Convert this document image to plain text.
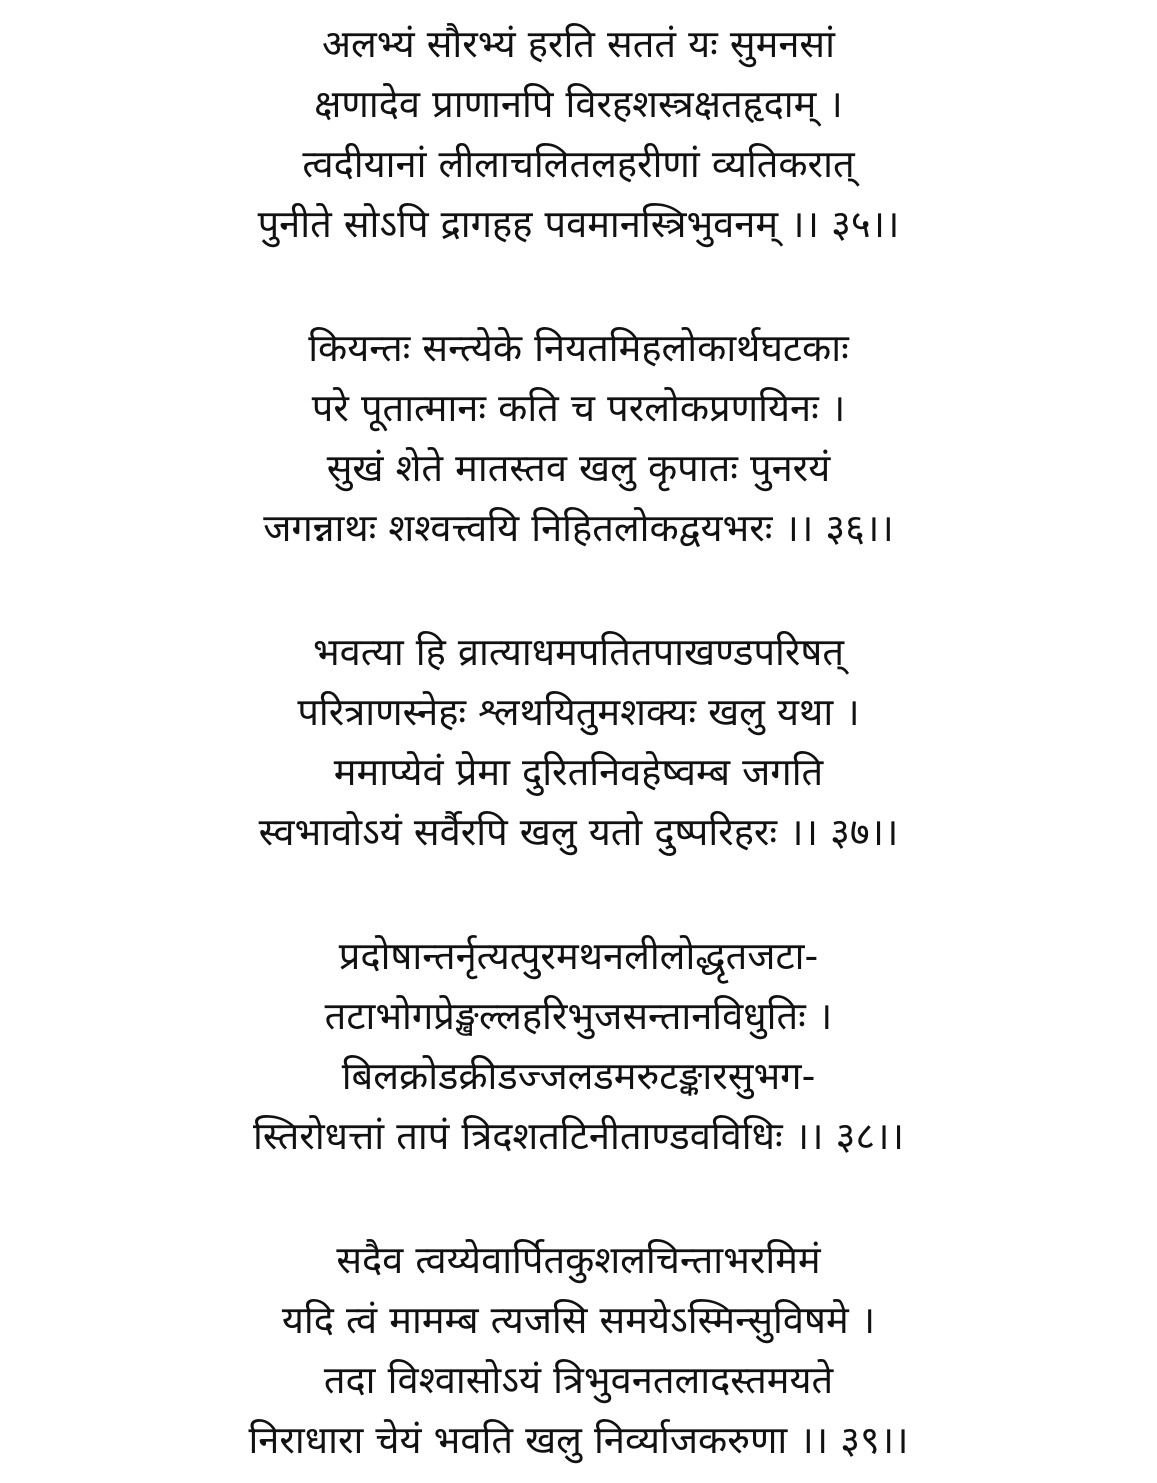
अलभ्यं सौरभ्यं हरति सततं यः सुमनसां
क्षणादेव प्राणानपि विरहशस्त्रक्षतहृदाम् ।
त्वदीयानां लीलाचलितलहरीणां व्यतिकरात्
पुनीते सोऽपि द्रागहह पवमानस्त्रिभुवनम् ।। ३५।।
कियन्तः सन्त्येके नियतमिहलोकार्थघटकाः
परे पूतात्मानः कति च परलोकप्रणयिनः ।
सुखं शेते मातस्तव खलु कृपातः पुनरयं
जगन्नाथः शश्वत्त्वयि निहितलोकद्वयभरः ।। ३६।।
भवत्या हि व्रात्याधमपतितपाखण्डपरिषत्
परित्राणस्नेहः श्लथयितुमशक्यः खलु यथा ।
ममाप्येवं प्रेमा दुरितनिवहेष्वम्ब जगति
स्वभावोऽयं सर्वैरपि खलु यतो दुष्परिहरः ।। ३७।।
प्रदोषान्तर्नृत्यत्पुरमथनलीलोद्धृतजटा-
तटाभोगप्रेङ्खल्लहरिभुजसन्तानविधुतिः ।
बिलक्रोडक्रीडज्जलडमरुटङ्कारसुभग-
स्तिरोधत्तां तापं त्रिदशतटिनीताण्डवविधिः ।। ३८।।
सदैव त्वय्येवार्पितकुशलचिन्ताभरमिमं
यदि त्वं मामम्ब त्यजसि समयेऽस्मिन्सुविषमे ।
तदा विश्वासोऽयं त्रिभुवनतलादस्तमयते
निराधारा चेयं भवति खलु निर्व्याजकरुणा ।। ३९।।
